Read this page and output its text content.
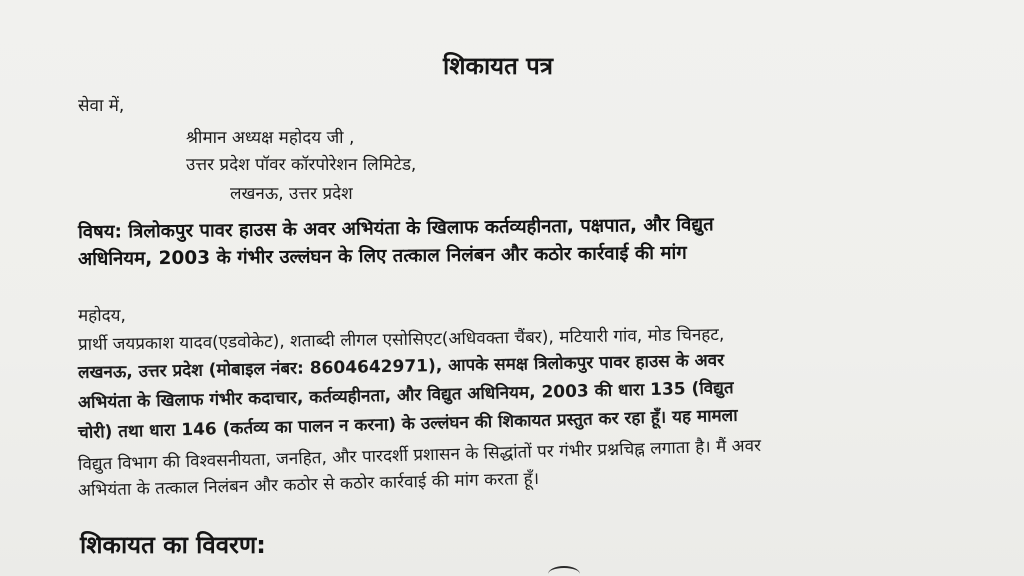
शिकायत पत्र

सेवा में,

श्रीमान अध्यक्ष महोदय जी ,

उत्तर प्रदेश पॉवर कॉरपोरेशन लिमिटेड,

लखनऊ, उत्तर प्रदेश

विषय: त्रिलोकपुर पावर हाउस के अवर अभियंता के खिलाफ कर्तव्यहीनता, पक्षपात, और विद्युत

अधिनियम, 2003 के गंभीर उल्लंघन के लिए तत्काल निलंबन और कठोर कार्रवाई की मांग

महोदय,

प्रार्थी जयप्रकाश यादव(एडवोकेट), शताब्दी लीगल एसोसिएट(अधिवक्ता चैंबर), मटियारी गांव, मोड चिनहट,

लखनऊ, उत्तर प्रदेश (मोबाइल नंबर: 8604642971), आपके समक्ष त्रिलोकपुर पावर हाउस के अवर

अभियंता के खिलाफ गंभीर कदाचार, कर्तव्यहीनता, और विद्युत अधिनियम, 2003 की धारा 135 (विद्युत

चोरी) तथा धारा 146 (कर्तव्य का पालन न करना) के उल्लंघन की शिकायत प्रस्तुत कर रहा हूँ। यह मामला

विद्युत विभाग की विश्वसनीयता, जनहित, और पारदर्शी प्रशासन के सिद्धांतों पर गंभीर प्रश्नचिह्न लगाता है। मैं अवर

अभियंता के तत्काल निलंबन और कठोर से कठोर कार्रवाई की मांग करता हूँ।

शिकायत का विवरण:
